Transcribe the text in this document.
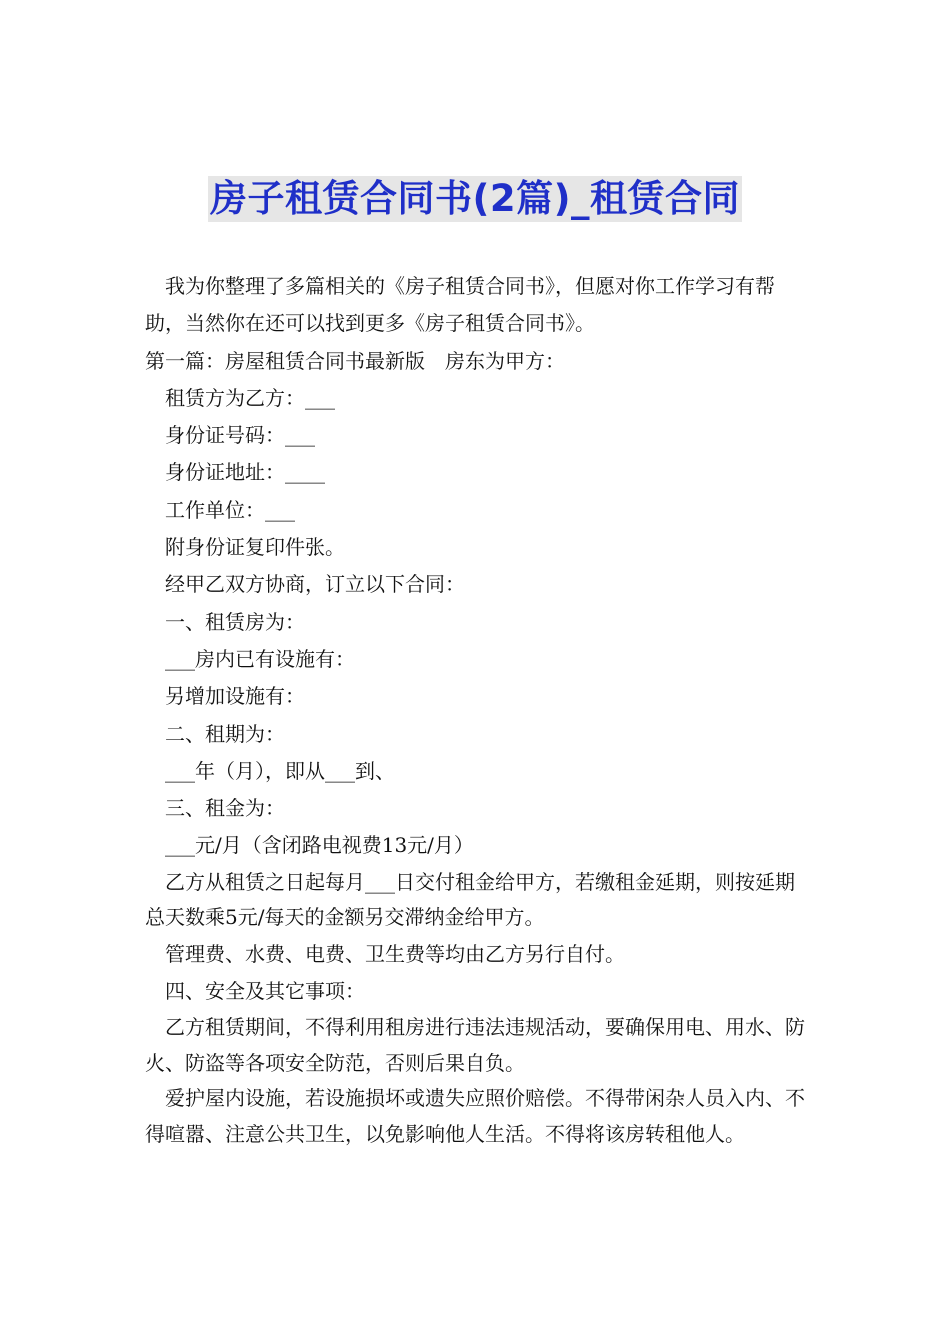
房子租赁合同书(2篇)_租赁合同

我为你整理了多篇相关的《房子租赁合同书》，但愿对你工作学习有帮助，当然你在还可以找到更多《房子租赁合同书》。

第一篇：房屋租赁合同书最新版　房东为甲方：

租赁方为乙方：___

身份证号码：___

身份证地址：____

工作单位：___

附身份证复印件张。

经甲乙双方协商，订立以下合同：

一、租赁房为：

___房内已有设施有：

另增加设施有：

二、租期为：

___年（月），即从___到、

三、租金为：

___元/月（含闭路电视费13元/月）

乙方从租赁之日起每月___日交付租金给甲方，若缴租金延期，则按延期总天数乘5元/每天的金额另交滞纳金给甲方。

管理费、水费、电费、卫生费等均由乙方另行自付。

四、安全及其它事项：

乙方租赁期间，不得利用租房进行违法违规活动，要确保用电、用水、防火、防盗等各项安全防范，否则后果自负。

爱护屋内设施，若设施损坏或遗失应照价赔偿。不得带闲杂人员入内、不得喧嚣、注意公共卫生，以免影响他人生活。不得将该房转租他人。
